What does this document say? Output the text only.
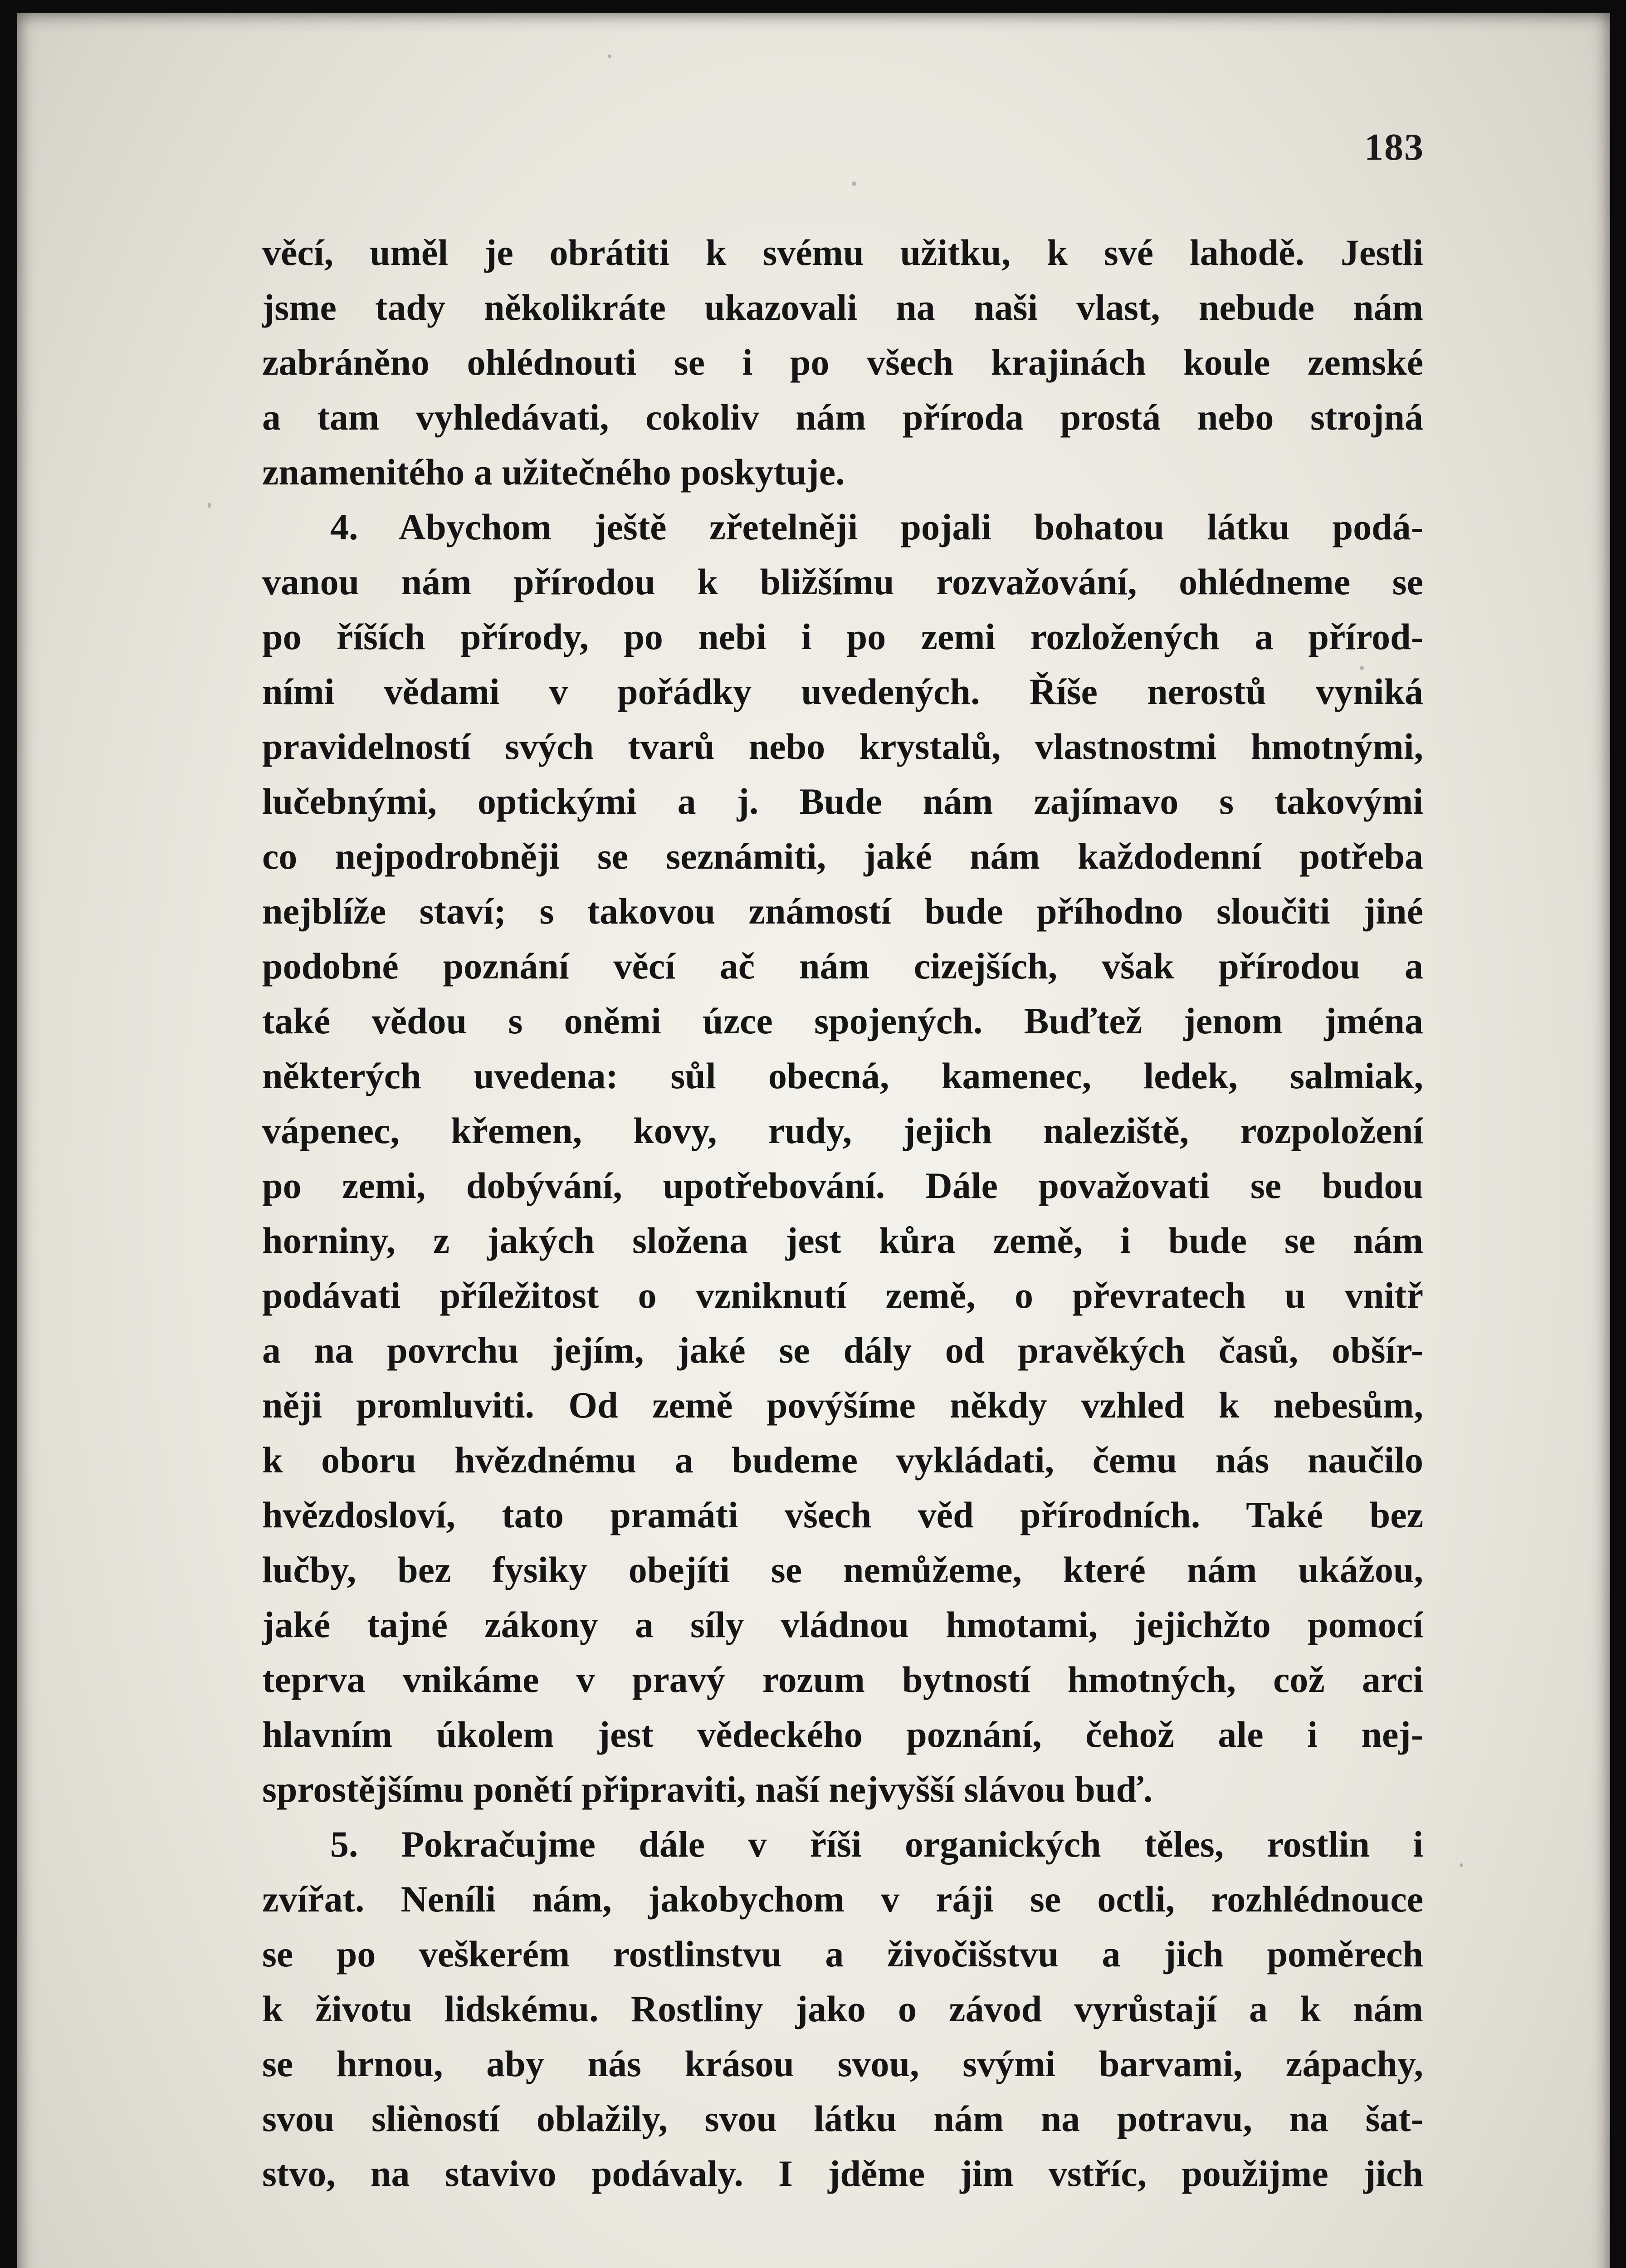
183
věcí, uměl je obrátiti k svému užitku, k své lahodě. Jestli
jsme tady několikráte ukazovali na naši vlast, nebude nám
zabráněno ohlédnouti se i po všech krajinách koule zemské
a tam vyhledávati, cokoliv nám příroda prostá nebo strojná
znamenitého a užitečného poskytuje.
4. Abychom ještě zřetelněji pojali bohatou látku podá-
vanou nám přírodou k bližšímu rozvažování, ohlédneme se
po říších přírody, po nebi i po zemi rozložených a přírod-
ními vědami v pořádky uvedených. Říše nerostů vyniká
pravidelností svých tvarů nebo krystalů, vlastnostmi hmotnými,
lučebnými, optickými a j. Bude nám zajímavo s takovými
co nejpodrobněji se seznámiti, jaké nám každodenní potřeba
nejblíže staví; s takovou známostí bude příhodno sloučiti jiné
podobné poznání věcí ač nám cizejších, však přírodou a
také vědou s oněmi úzce spojených. Buďtež jenom jména
některých uvedena: sůl obecná, kamenec, ledek, salmiak,
vápenec, křemen, kovy, rudy, jejich naleziště, rozpoložení
po zemi, dobývání, upotřebování. Dále považovati se budou
horniny, z jakých složena jest kůra země, i bude se nám
podávati příležitost o vzniknutí země, o převratech u vnitř
a na povrchu jejím, jaké se dály od pravěkých časů, obšír-
něji promluviti. Od země povýšíme někdy vzhled k nebesům,
k oboru hvězdnému a budeme vykládati, čemu nás naučilo
hvězdosloví, tato pramáti všech věd přírodních. Také bez
lučby, bez fysiky obejíti se nemůžeme, které nám ukážou,
jaké tajné zákony a síly vládnou hmotami, jejichžto pomocí
teprva vnikáme v pravý rozum bytností hmotných, což arci
hlavním úkolem jest vědeckého poznání, čehož ale i nej-
sprostějšímu ponětí připraviti, naší nejvyšší slávou buď.
5. Pokračujme dále v říši organických těles, rostlin i
zvířat. Neníli nám, jakobychom v ráji se octli, rozhlédnouce
se po veškerém rostlinstvu a živočišstvu a jich poměrech
k životu lidskému. Rostliny jako o závod vyrůstají a k nám
se hrnou, aby nás krásou svou, svými barvami, zápachy,
svou slièností oblažily, svou látku nám na potravu, na šat-
stvo, na stavivo podávaly. I jděme jim vstříc, použijme jich
